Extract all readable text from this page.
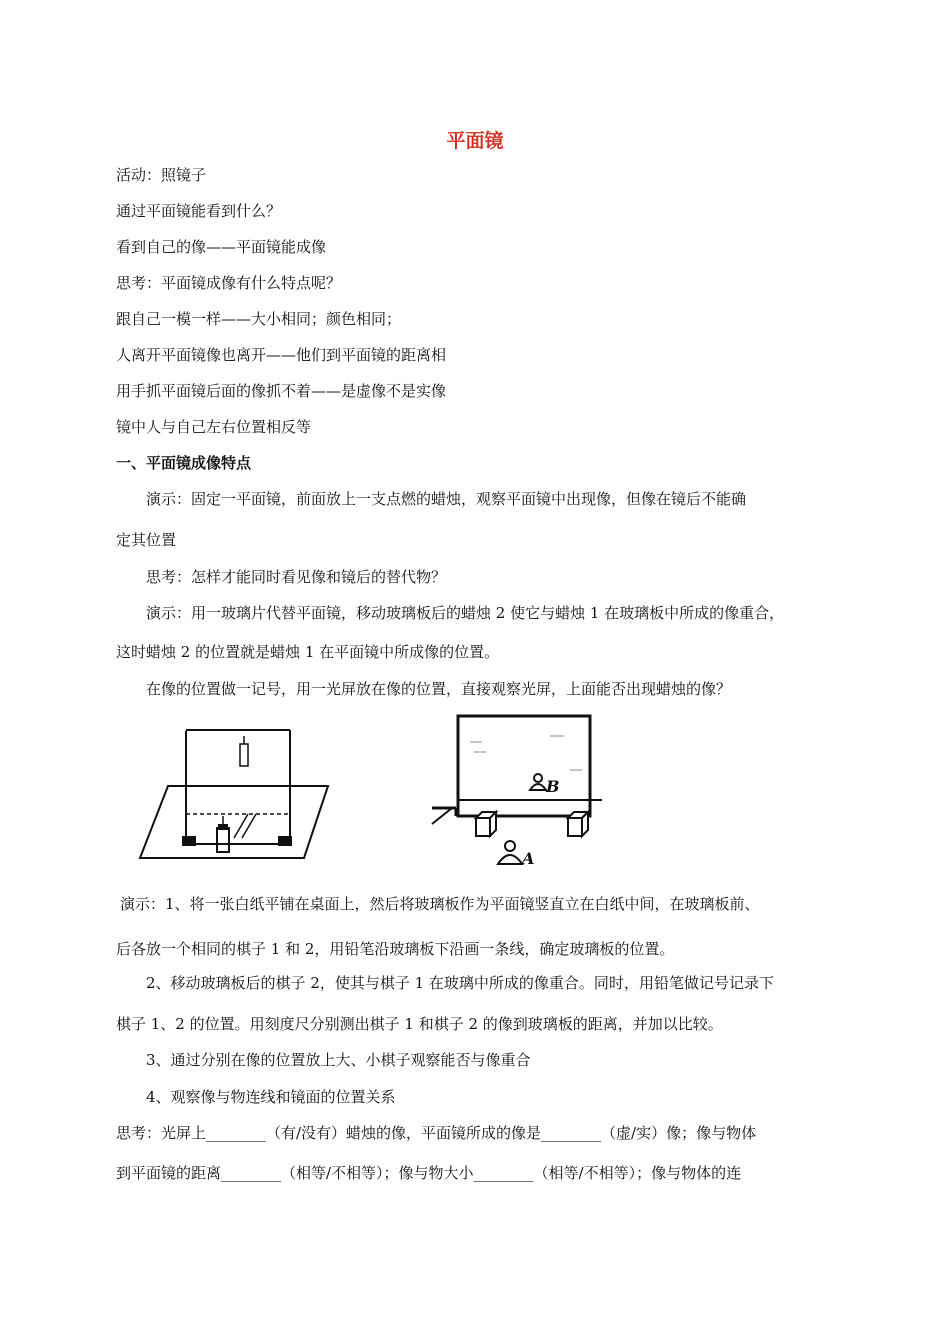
平面镜
活动：照镜子
通过平面镜能看到什么？
看到自己的像——平面镜能成像
思考：平面镜成像有什么特点呢？
跟自己一模一样——大小相同；颜色相同；
人离开平面镜像也离开——他们到平面镜的距离相
用手抓平面镜后面的像抓不着——是虚像不是实像
镜中人与自己左右位置相反等
一、平面镜成像特点
演示：固定一平面镜，前面放上一支点燃的蜡烛，观察平面镜中出现像，但像在镜后不能确
定其位置
思考：怎样才能同时看见像和镜后的替代物？
演示：用一玻璃片代替平面镜，移动玻璃板后的蜡烛 2 使它与蜡烛 1 在玻璃板中所成的像重合，
这时蜡烛 2 的位置就是蜡烛 1 在平面镜中所成像的位置。
在像的位置做一记号，用一光屏放在像的位置，直接观察光屏，上面能否出现蜡烛的像？
B
A
演示：1、将一张白纸平铺在桌面上，然后将玻璃板作为平面镜竖直立在白纸中间，在玻璃板前、
后各放一个相同的棋子 1 和 2，用铅笔沿玻璃板下沿画一条线，确定玻璃板的位置。
2、移动玻璃板后的棋子 2，使其与棋子 1 在玻璃中所成的像重合。同时，用铅笔做记号记录下
棋子 1、2 的位置。用刻度尺分别测出棋子 1 和棋子 2 的像到玻璃板的距离，并加以比较。
3、通过分别在像的位置放上大、小棋子观察能否与像重合
4、观察像与物连线和镜面的位置关系
思考：光屏上________（有/没有）蜡烛的像，平面镜所成的像是________（虚/实）像；像与物体
到平面镜的距离________（相等/不相等）；像与物大小________（相等/不相等）；像与物体的连
